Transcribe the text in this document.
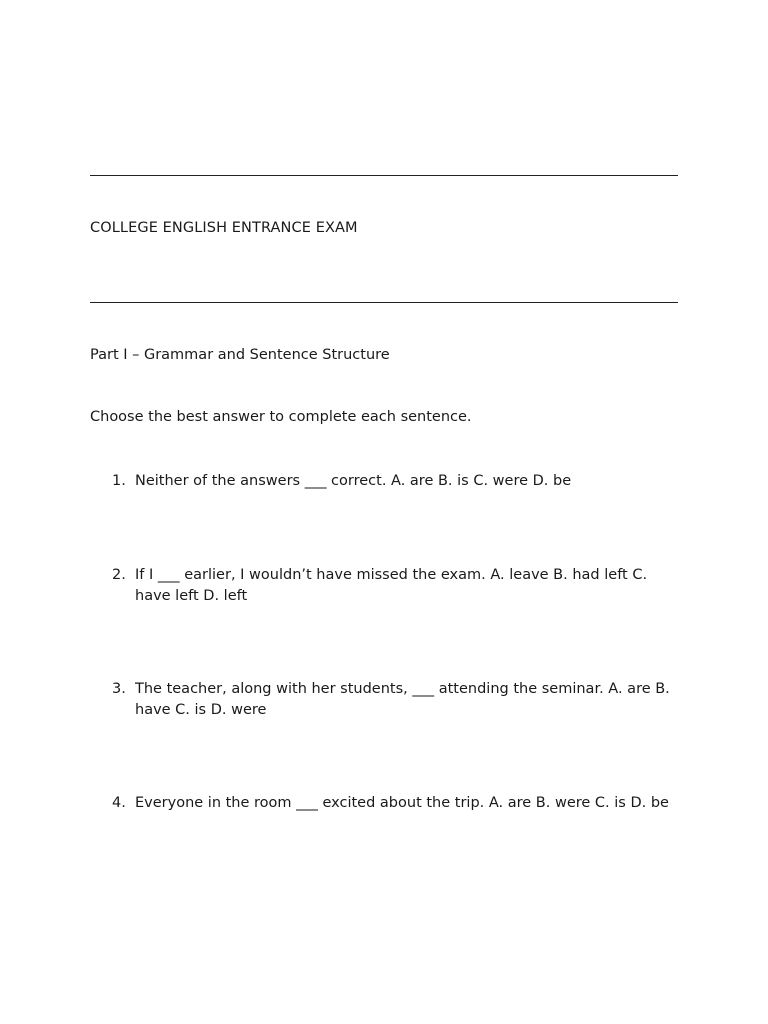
COLLEGE ENGLISH ENTRANCE EXAM
Part I – Grammar and Sentence Structure
Choose the best answer to complete each sentence.
1. Neither of the answers ___ correct. A. are B. is C. were D. be
2. If I ___ earlier, I wouldn’t have missed the exam. A. leave B. had left C. have left D. left
3. The teacher, along with her students, ___ attending the seminar. A. are B. have C. is D. were
4. Everyone in the room ___ excited about the trip. A. are B. were C. is D. be
